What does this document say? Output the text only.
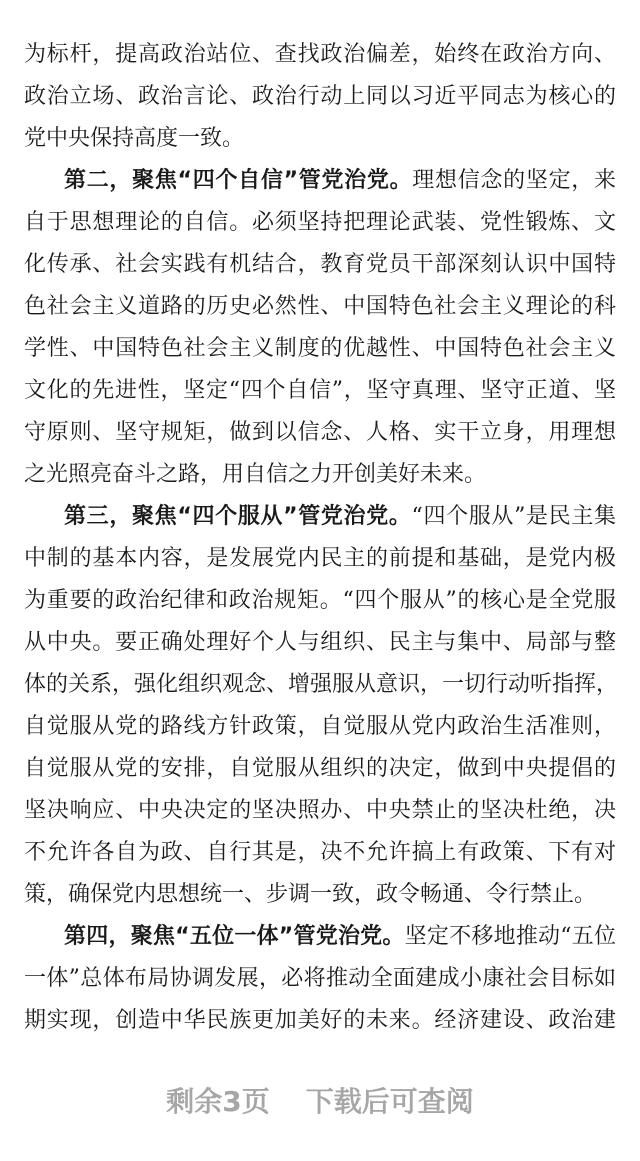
为标杆，提高政治站位、查找政治偏差，始终在政治方向、
政治立场、政治言论、政治行动上同以习近平同志为核心的
党中央保持高度一致。
第二，聚焦“四个自信”管党治党。理想信念的坚定，来
自于思想理论的自信。必须坚持把理论武装、党性锻炼、文
化传承、社会实践有机结合，教育党员干部深刻认识中国特
色社会主义道路的历史必然性、中国特色社会主义理论的科
学性、中国特色社会主义制度的优越性、中国特色社会主义
文化的先进性，坚定“四个自信”，坚守真理、坚守正道、坚
守原则、坚守规矩，做到以信念、人格、实干立身，用理想
之光照亮奋斗之路，用自信之力开创美好未来。
第三，聚焦“四个服从”管党治党。“四个服从”是民主集
中制的基本内容，是发展党内民主的前提和基础，是党内极
为重要的政治纪律和政治规矩。“四个服从”的核心是全党服
从中央。要正确处理好个人与组织、民主与集中、局部与整
体的关系，强化组织观念、增强服从意识，一切行动听指挥，
自觉服从党的路线方针政策，自觉服从党内政治生活准则，
自觉服从党的安排，自觉服从组织的决定，做到中央提倡的
坚决响应、中央决定的坚决照办、中央禁止的坚决杜绝，决
不允许各自为政、自行其是，决不允许搞上有政策、下有对
策，确保党内思想统一、步调一致，政令畅通、令行禁止。
第四，聚焦“五位一体”管党治党。坚定不移地推动“五位
一体”总体布局协调发展，必将推动全面建成小康社会目标如
期实现，创造中华民族更加美好的未来。经济建设、政治建
剩余3页 下载后可查阅
